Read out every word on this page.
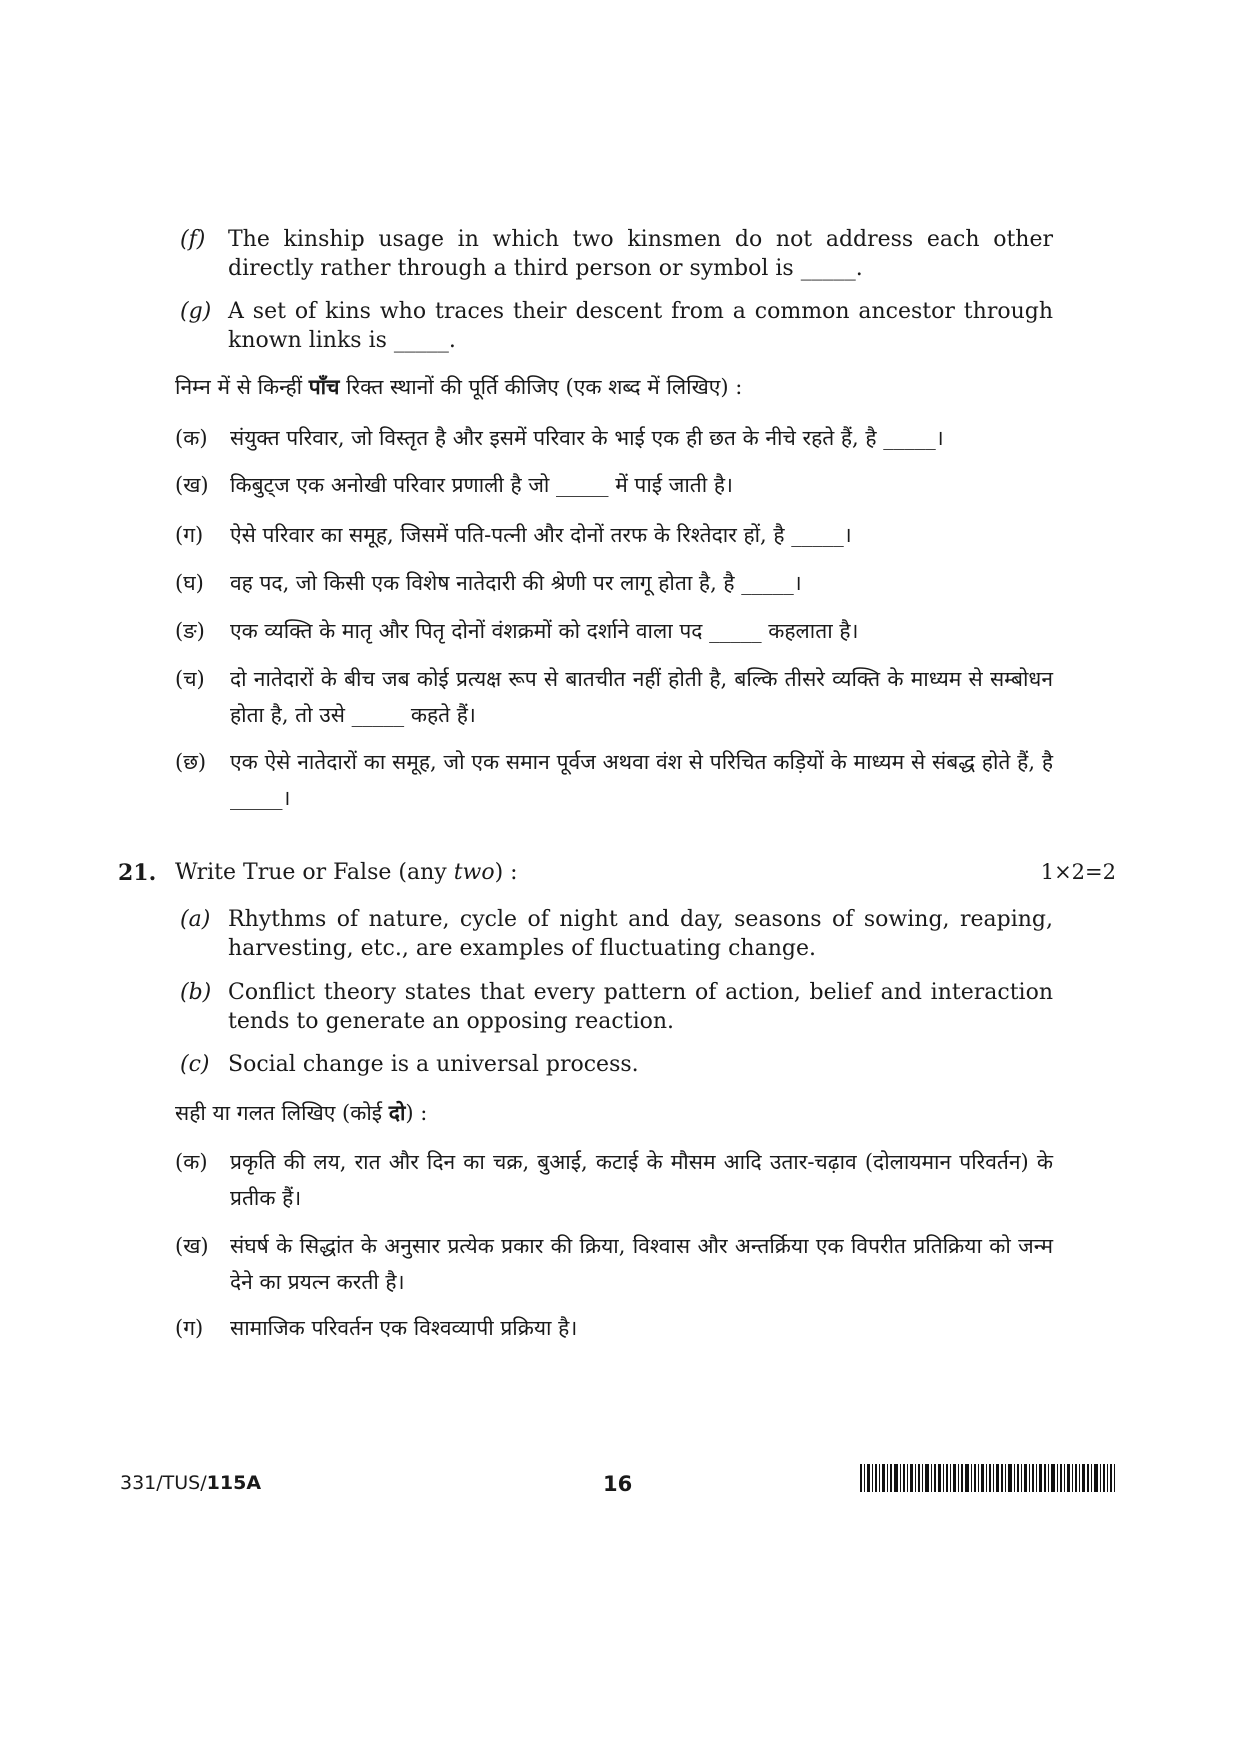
(f)	The kinship usage in which two kinsmen do not address each other directly rather through a third person or symbol is _____.
(g) A set of kins who traces their descent from a common ancestor through known links is _____.
निम्न में से किन्हीं पाँच रिक्त स्थानों की पूर्ति कीजिए (एक शब्द में लिखिए) :
(क)	संयुक्त परिवार, जो विस्तृत है और इसमें परिवार के भाई एक ही छत के नीचे रहते हैं, है _____।
(ख)	किबुट्ज एक अनोखी परिवार प्रणाली है जो _____ में पाई जाती है।
(ग)	ऐसे परिवार का समूह, जिसमें पति-पत्नी और दोनों तरफ के रिश्तेदार हों, है _____।
(घ)	वह पद, जो किसी एक विशेष नातेदारी की श्रेणी पर लागू होता है, है _____।
(ङ)	एक व्यक्ति के मातृ और पितृ दोनों वंशक्रमों को दर्शाने वाला पद _____ कहलाता है।
(च)	दो नातेदारों के बीच जब कोई प्रत्यक्ष रूप से बातचीत नहीं होती है, बल्कि तीसरे व्यक्ति के माध्यम से सम्बोधन होता है, तो उसे _____ कहते हैं।
(छ)	एक ऐसे नातेदारों का समूह, जो एक समान पूर्वज अथवा वंश से परिचित कड़ियों के माध्यम से संबद्ध होते हैं, है _____।
21. Write True or False (any two) :	1×2=2
(a) Rhythms of nature, cycle of night and day, seasons of sowing, reaping, harvesting, etc., are examples of fluctuating change.
(b) Conflict theory states that every pattern of action, belief and interaction tends to generate an opposing reaction.
(c) Social change is a universal process.
सही या गलत लिखिए (कोई दो) :
(क)	प्रकृति की लय, रात और दिन का चक्र, बुआई, कटाई के मौसम आदि उतार-चढ़ाव (दोलायमान परिवर्तन) के प्रतीक हैं।
(ख)	संघर्ष के सिद्धांत के अनुसार प्रत्येक प्रकार की क्रिया, विश्वास और अन्तर्क्रिया एक विपरीत प्रतिक्रिया को जन्म देने का प्रयत्न करती है।
(ग)	सामाजिक परिवर्तन एक विश्वव्यापी प्रक्रिया है।
331/TUS/115A	16
